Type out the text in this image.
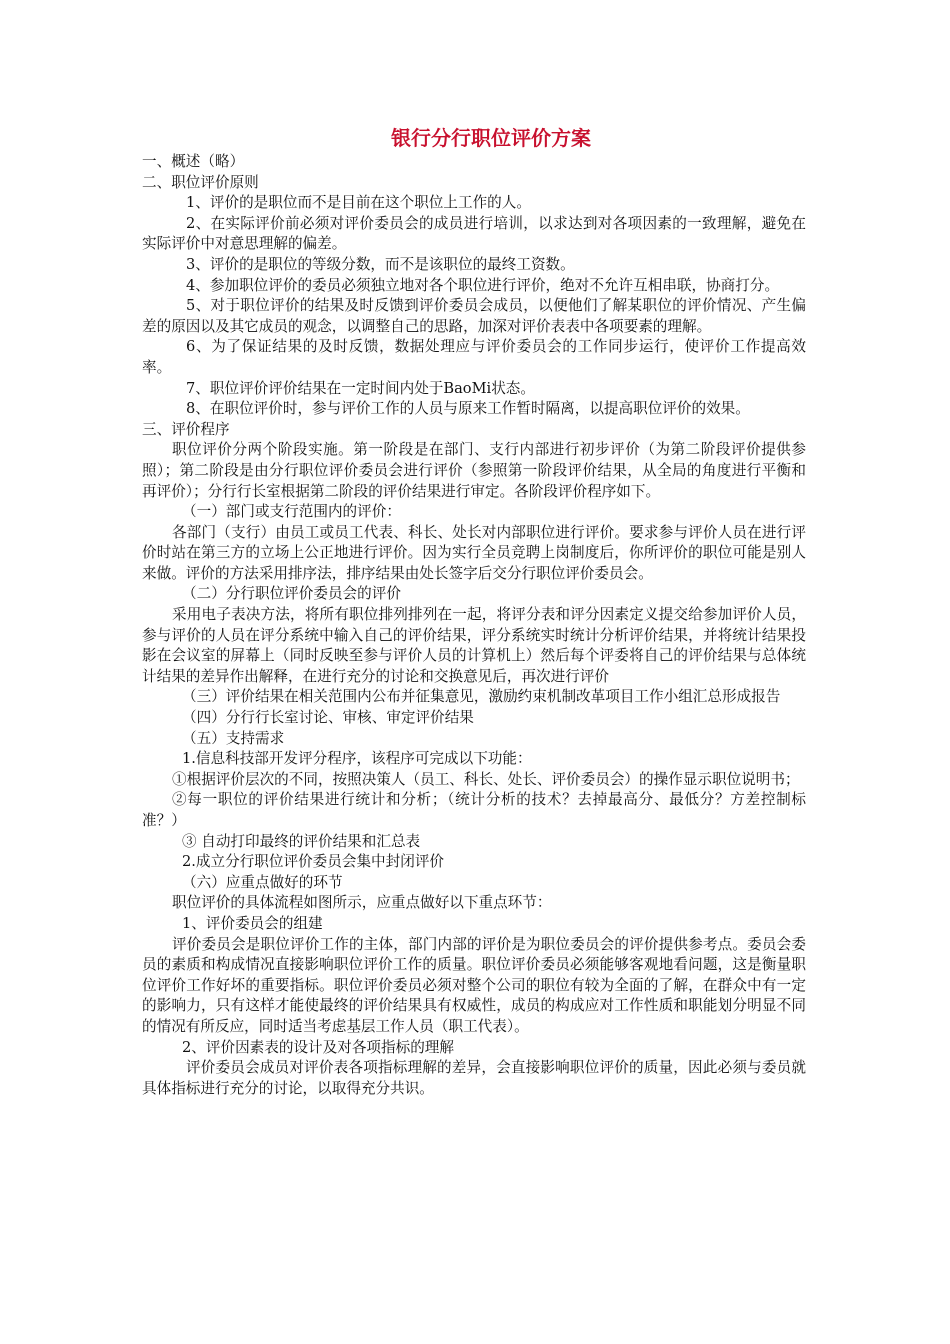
银行分行职位评价方案

一、概述（略）

二、职位评价原则

1、评价的是职位而不是目前在这个职位上工作的人。

2、在实际评价前必须对评价委员会的成员进行培训，以求达到对各项因素的一致理解，避免在实际评价中对意思理解的偏差。

3、评价的是职位的等级分数，而不是该职位的最终工资数。

4、参加职位评价的委员必须独立地对各个职位进行评价，绝对不允许互相串联，协商打分。

5、对于职位评价的结果及时反馈到评价委员会成员，以便他们了解某职位的评价情况、产生偏差的原因以及其它成员的观念，以调整自己的思路，加深对评价表表中各项要素的理解。

6、为了保证结果的及时反馈，数据处理应与评价委员会的工作同步运行，使评价工作提高效率。

7、职位评价评价结果在一定时间内处于BaoMi状态。

8、在职位评价时，参与评价工作的人员与原来工作暂时隔离，以提高职位评价的效果。

三、评价程序

职位评价分两个阶段实施。第一阶段是在部门、支行内部进行初步评价（为第二阶段评价提供参照）；第二阶段是由分行职位评价委员会进行评价（参照第一阶段评价结果，从全局的角度进行平衡和再评价）；分行行长室根据第二阶段的评价结果进行审定。各阶段评价程序如下。

（一）部门或支行范围内的评价：

各部门（支行）由员工或员工代表、科长、处长对内部职位进行评价。要求参与评价人员在进行评价时站在第三方的立场上公正地进行评价。因为实行全员竞聘上岗制度后，你所评价的职位可能是别人来做。评价的方法采用排序法，排序结果由处长签字后交分行职位评价委员会。

（二）分行职位评价委员会的评价

采用电子表决方法，将所有职位排列排列在一起，将评分表和评分因素定义提交给参加评价人员，参与评价的人员在评分系统中输入自己的评价结果，评分系统实时统计分析评价结果，并将统计结果投影在会议室的屏幕上（同时反映至参与评价人员的计算机上）然后每个评委将自己的评价结果与总体统计结果的差异作出解释，在进行充分的讨论和交换意见后，再次进行评价

（三）评价结果在相关范围内公布并征集意见，激励约束机制改革项目工作小组汇总形成报告

（四）分行行长室讨论、审核、审定评价结果

（五）支持需求

1.信息科技部开发评分程序，该程序可完成以下功能：

①根据评价层次的不同，按照决策人（员工、科长、处长、评价委员会）的操作显示职位说明书；

②每一职位的评价结果进行统计和分析；（统计分析的技术？去掉最高分、最低分？方差控制标准？）

③ 自动打印最终的评价结果和汇总表

2.成立分行职位评价委员会集中封闭评价

（六）应重点做好的环节

职位评价的具体流程如图所示，应重点做好以下重点环节：

1、评价委员会的组建

评价委员会是职位评价工作的主体，部门内部的评价是为职位委员会的评价提供参考点。委员会委员的素质和构成情况直接影响职位评价工作的质量。职位评价委员必须能够客观地看问题，这是衡量职位评价工作好坏的重要指标。职位评价委员必须对整个公司的职位有较为全面的了解，在群众中有一定的影响力，只有这样才能使最终的评价结果具有权威性，成员的构成应对工作性质和职能划分明显不同的情况有所反应，同时适当考虑基层工作人员（职工代表）。

2、评价因素表的设计及对各项指标的理解

评价委员会成员对评价表各项指标理解的差异，会直接影响职位评价的质量，因此必须与委员就具体指标进行充分的讨论，以取得充分共识。
